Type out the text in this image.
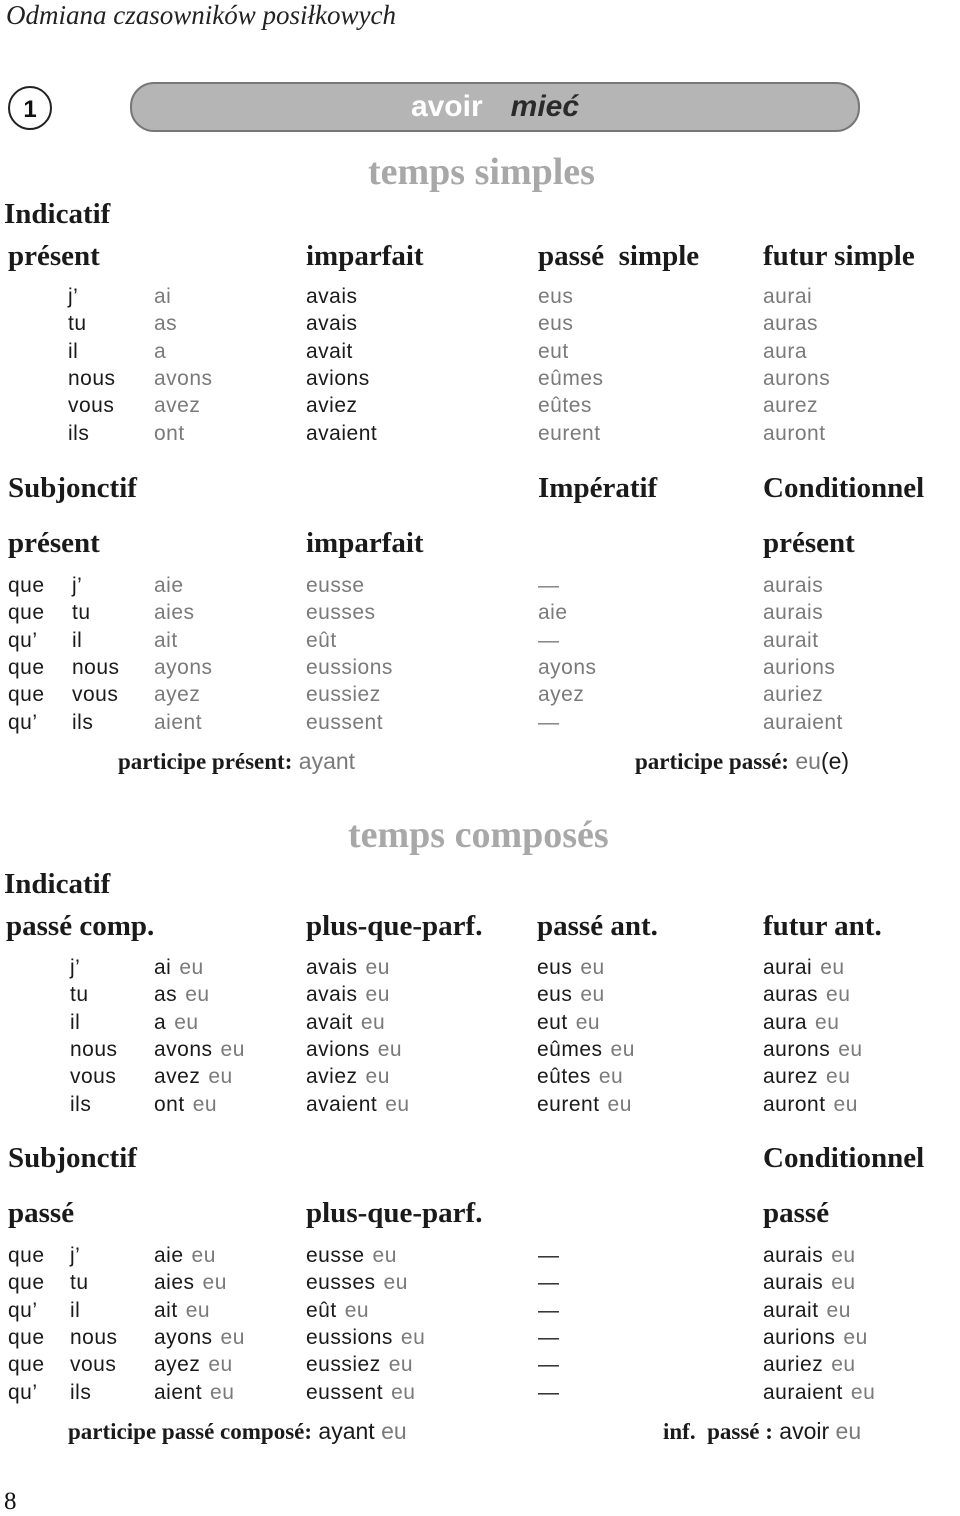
Odmiana czasowników posiłkowych
1	avoir mieć
temps simples
Indicatif
présent	imparfait	passé  simple futur simple
j’	ai	avais	eus	aurai
tu	as	avais	eus	auras
il	a	avait	eut	aura
nous avons	avions	eûmes	aurons
vous avez	aviez	eûtes	aurez
ils	ont	avaient	eurent	auront
Subjonctif	Impératif	Conditionnel
présent	imparfait	présent
que j’	aie	eusse	—	aurais
que tu	aies	eusses	aie	aurais
qu’ il	ait	eût	—	aurait
que nous ayons	eussions	ayons	aurions
que vous ayez	eussiez	ayez	auriez
qu’ ils	aient	eussent	—	auraient
participe présent: ayant	participe passé: eu(e)
temps composés
Indicatif
passé comp.	plus-que-parf. passé ant.	futur ant.
j’	ai eu	avais eu	eus eu	aurai eu
tu	as eu	avais eu	eus eu	auras eu
il	a eu	avait eu	eut eu	aura eu
nous avons eu	avions eu	eûmes eu	aurons eu
vous avez eu	aviez eu	eûtes eu	aurez eu
ils	ont eu	avaient eu	eurent eu	auront eu
Subjonctif	Conditionnel
passé	plus-que-parf.	passé
que j’	aie eu	eusse eu	—	aurais eu
que tu	aies eu	eusses eu	—	aurais eu
qu’ il	ait eu	eût eu	—	aurait eu
que nous ayons eu	eussions eu	—	aurions eu
que vous ayez eu	eussiez eu	—	auriez eu
qu’ ils	aient eu	eussent eu	—	auraient eu
participe passé composé: ayant eu	inf.  passé : avoir eu
8
